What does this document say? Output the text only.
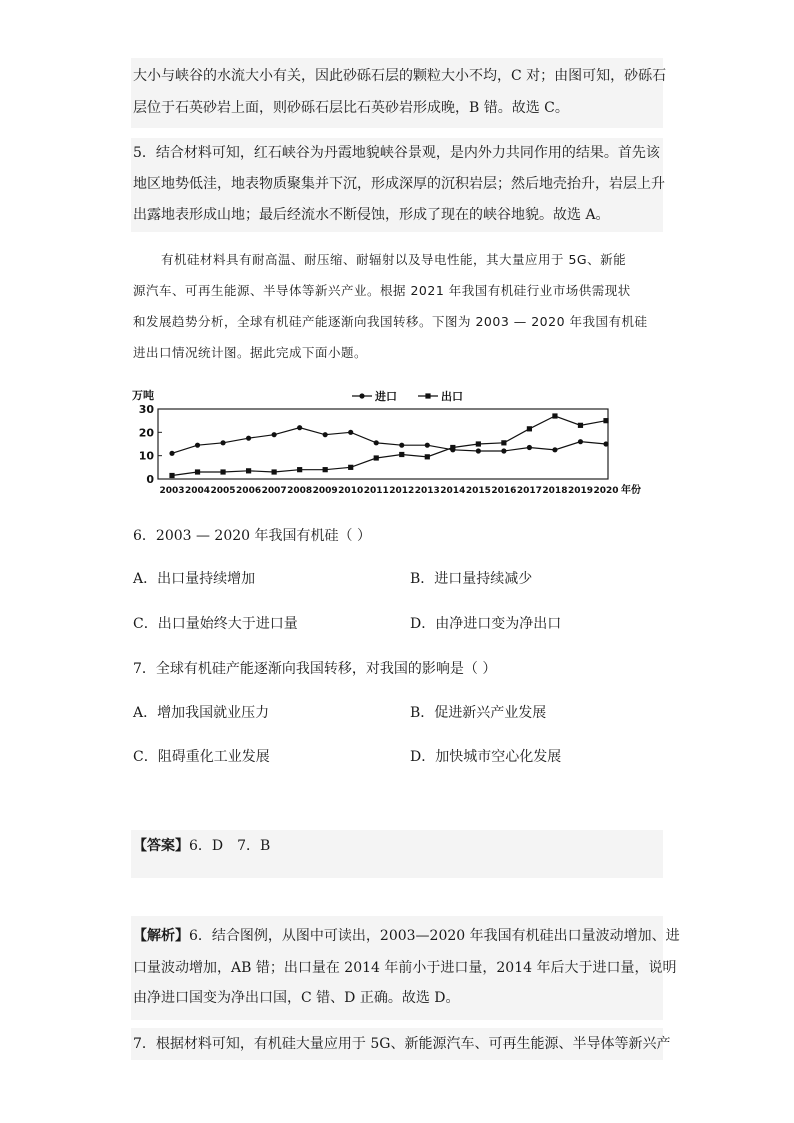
大小与峡谷的水流大小有关，因此砂砾石层的颗粒大小不均，C 对；由图可知，砂砾石
层位于石英砂岩上面，则砂砾石层比石英砂岩形成晚，B 错。故选 C。
5．结合材料可知，红石峡谷为丹霞地貌峡谷景观，是内外力共同作用的结果。首先该
地区地势低洼，地表物质聚集并下沉，形成深厚的沉积岩层；然后地壳抬升，岩层上升
出露地表形成山地；最后经流水不断侵蚀，形成了现在的峡谷地貌。故选 A。
有机硅材料具有耐高温、耐压缩、耐辐射以及导电性能，其大量应用于 5G、新能
源汽车、可再生能源、半导体等新兴产业。根据 2021 年我国有机硅行业市场供需现状
和发展趋势分析，全球有机硅产能逐渐向我国转移。下图为 2003 — 2020 年我国有机硅
进出口情况统计图。据此完成下面小题。
万吨
0
10
20
30
2003 2004 2005 2006 2007 2008 2009 2010 2011 2012 2013 2014 2015 2016 2017 2018 2019 2020 年份
进口	出口
6．2003 — 2020 年我国有机硅（ ）
A．出口量持续增加	B．进口量持续减少
C．出口量始终大于进口量	D．由净进口变为净出口
7．全球有机硅产能逐渐向我国转移，对我国的影响是（ ）
A．增加我国就业压力	B．促进新兴产业发展
C．阻碍重化工业发展	D．加快城市空心化发展
【答案】6．D　7．B
【解析】6．结合图例，从图中可读出，2003—2020 年我国有机硅出口量波动增加、进
口量波动增加，AB 错；出口量在 2014 年前小于进口量，2014 年后大于进口量，说明
由净进口国变为净出口国，C 错、D 正确。故选 D。
7．根据材料可知，有机硅大量应用于 5G、新能源汽车、可再生能源、半导体等新兴产
